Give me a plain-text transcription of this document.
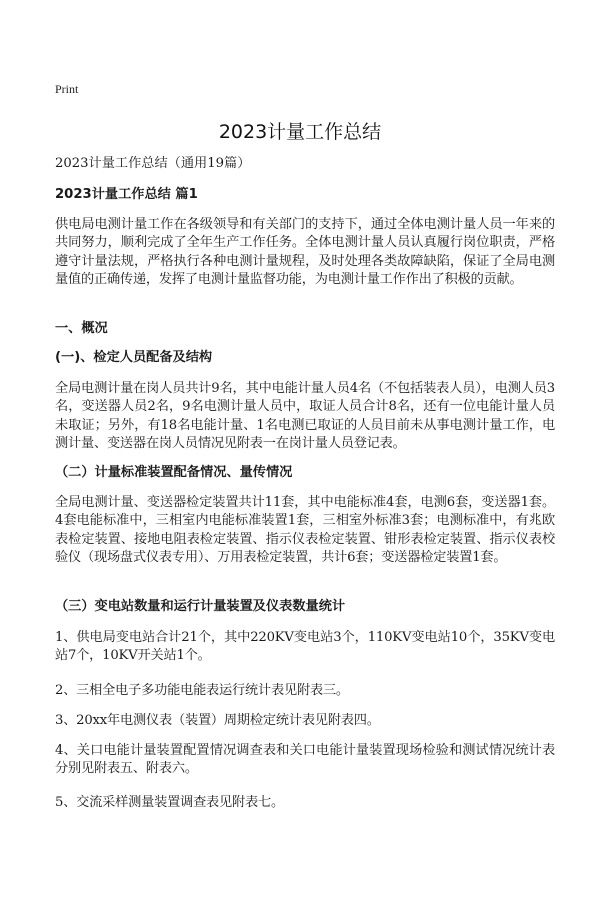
Print
2023计量工作总结
2023计量工作总结（通用19篇）
2023计量工作总结 篇1
供电局电测计量工作在各级领导和有关部门的支持下，通过全体电测计量人员一年来的共同努力，顺利完成了全年生产工作任务。全体电测计量人员认真履行岗位职责，严格遵守计量法规，严格执行各种电测计量规程，及时处理各类故障缺陷，保证了全局电测量值的正确传递，发挥了电测计量监督功能，为电测计量工作作出了积极的贡献。
一、概况
(一)、检定人员配备及结构
全局电测计量在岗人员共计9名，其中电能计量人员4名（不包括装表人员），电测人员3名，变送器人员2名，9名电测计量人员中，取证人员合计8名，还有一位电能计量人员未取证；另外，有18名电能计量、1名电测已取证的人员目前未从事电测计量工作，电测计量、变送器在岗人员情况见附表一在岗计量人员登记表。
（二）计量标准装置配备情况、量传情况
全局电测计量、变送器检定装置共计11套，其中电能标准4套，电测6套，变送器1套。4套电能标准中，三相室内电能标准装置1套，三相室外标准3套；电测标准中，有兆欧表检定装置、接地电阻表检定装置、指示仪表检定装置、钳形表检定装置、指示仪表校验仪（现场盘式仪表专用）、万用表检定装置，共计6套；变送器检定装置1套。
（三）变电站数量和运行计量装置及仪表数量统计
1、供电局变电站合计21个，其中220KV变电站3个，110KV变电站10个，35KV变电站7个，10KV开关站1个。
2、三相全电子多功能电能表运行统计表见附表三。
3、20xx年电测仪表（装置）周期检定统计表见附表四。
4、关口电能计量装置配置情况调查表和关口电能计量装置现场检验和测试情况统计表分别见附表五、附表六。
5、交流采样测量装置调查表见附表七。
